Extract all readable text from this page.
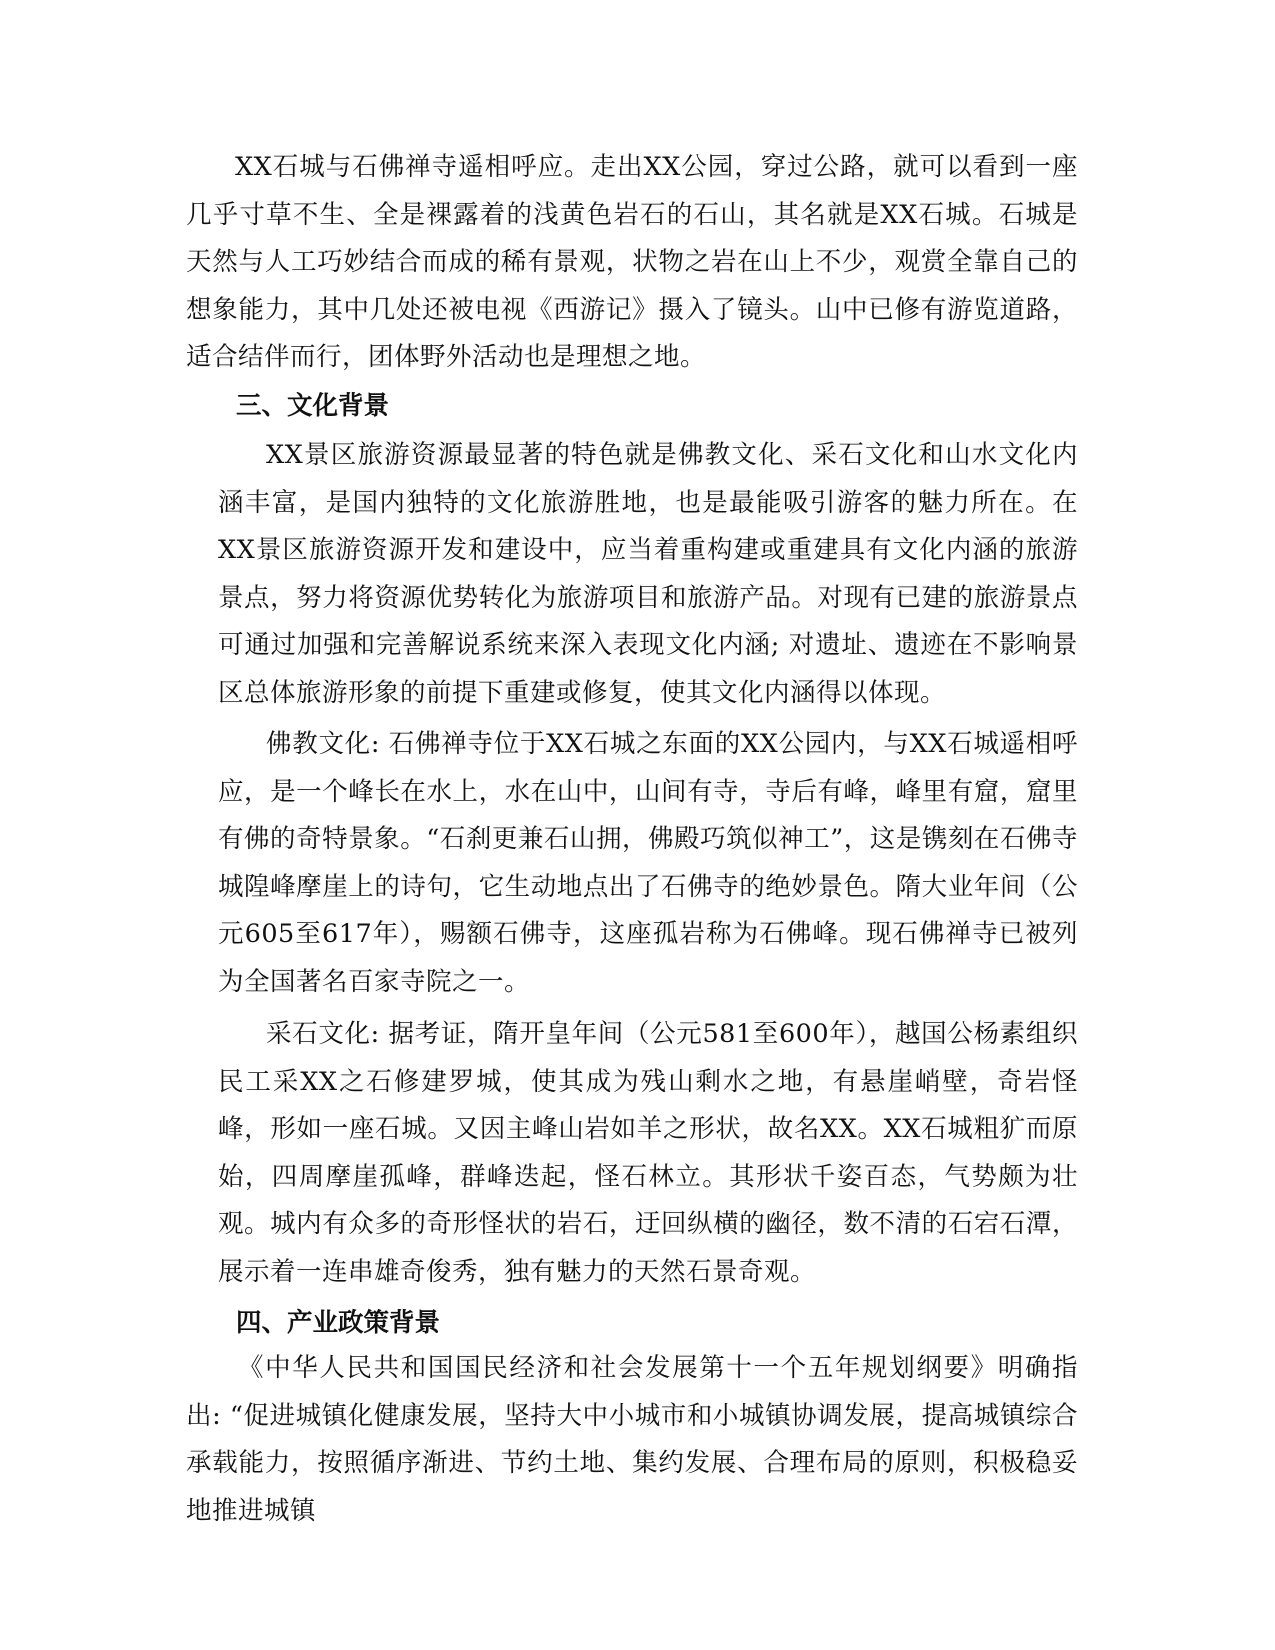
XX石城与石佛禅寺遥相呼应。走出XX公园，穿过公路，就可以看到一座几乎寸草不生、全是裸露着的浅黄色岩石的石山，其名就是XX石城。石城是天然与人工巧妙结合而成的稀有景观，状物之岩在山上不少，观赏全靠自己的想象能力，其中几处还被电视《西游记》摄入了镜头。山中已修有游览道路，适合结伴而行，团体野外活动也是理想之地。

三、文化背景

XX景区旅游资源最显著的特色就是佛教文化、采石文化和山水文化内涵丰富，是国内独特的文化旅游胜地，也是最能吸引游客的魅力所在。在XX景区旅游资源开发和建设中，应当着重构建或重建具有文化内涵的旅游景点，努力将资源优势转化为旅游项目和旅游产品。对现有已建的旅游景点可通过加强和完善解说系统来深入表现文化内涵; 对遗址、遗迹在不影响景区总体旅游形象的前提下重建或修复，使其文化内涵得以体现。

佛教文化: 石佛禅寺位于XX石城之东面的XX公园内，与XX石城遥相呼应，是一个峰长在水上，水在山中，山间有寺，寺后有峰，峰里有窟，窟里有佛的奇特景象。“石刹更兼石山拥，佛殿巧筑似神工”，这是镌刻在石佛寺城隍峰摩崖上的诗句，它生动地点出了石佛寺的绝妙景色。隋大业年间（公元605至617年），赐额石佛寺，这座孤岩称为石佛峰。现石佛禅寺已被列为全国著名百家寺院之一。

采石文化: 据考证，隋开皇年间（公元581至600年），越国公杨素组织民工采XX之石修建罗城，使其成为残山剩水之地，有悬崖峭壁，奇岩怪峰，形如一座石城。又因主峰山岩如羊之形状，故名XX。XX石城粗犷而原始，四周摩崖孤峰，群峰迭起，怪石林立。其形状千姿百态，气势颇为壮观。城内有众多的奇形怪状的岩石，迂回纵横的幽径，数不清的石宕石潭，展示着一连串雄奇俊秀，独有魅力的天然石景奇观。

四、产业政策背景

《中华人民共和国国民经济和社会发展第十一个五年规划纲要》明确指出: “促进城镇化健康发展，坚持大中小城市和小城镇协调发展，提高城镇综合承载能力，按照循序渐进、节约土地、集约发展、合理布局的原则，积极稳妥地推进城镇
